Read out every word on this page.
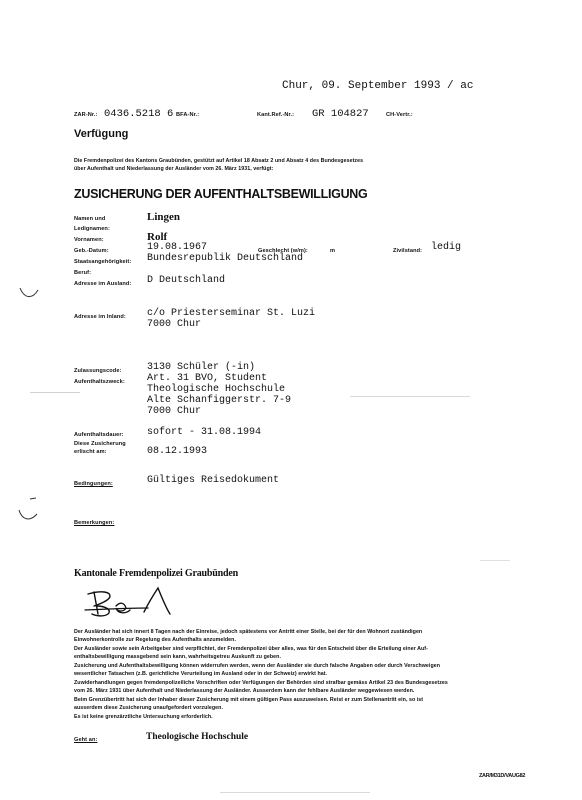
Chur, 09. September 1993 / ac
ZAR-Nr.: 0436.5218 6 BFA-Nr.:	Kant.Ref.-Nr.: GR 104827	CH-Vertr.:
Verfügung
Die Fremdenpolizei des Kantons Graubünden, gestützt auf Artikel 18 Absatz 2 und Absatz 4 des Bundesgesetzes
über Aufenthalt und Niederlassung der Ausländer vom 26. März 1931, verfügt:
ZUSICHERUNG DER AUFENTHALTSBEWILLIGUNG
Namen und	Lingen
Ledignamen:
Vornamen:	Rolf
Geb.-Datum:	19.08.1967	Geschlecht (w/m):	m	Zivilstand: ledig
Staatsangehörigkeit: Bundesrepublik Deutschland
Beruf:
Adresse im Ausland: D Deutschland
Adresse im Inland: c/o Priesterseminar St. Luzi
7000 Chur
Zulassungscode:	3130 Schüler (-in)
Aufenthaltszweck: Art. 31 BVO, Student
Theologische Hochschule
Alte Schanfiggerstr. 7-9
7000 Chur
Aufenthaltsdauer: sofort - 31.08.1994
Diese Zusicherung
erlischt am:	08.12.1993
Bedingungen:	Gültiges Reisedokument
Bemerkungen:
Kantonale Fremdenpolizei Graubünden
Der Ausländer hat sich innert 8 Tagen nach der Einreise, jedoch spätestens vor Antritt einer Stelle, bei der für den Wohnort zuständigen
Einwohnerkontrolle zur Regelung des Aufenthalts anzumelden.
Der Ausländer sowie sein Arbeitgeber sind verpflichtet, der Fremdenpolizei über alles, was für den Entscheid über die Erteilung einer Auf-
enthaltsbewilligung massgebend sein kann, wahrheitsgetreu Auskunft zu geben.
Zusicherung und Aufenthaltsbewilligung können widerrufen werden, wenn der Ausländer sie durch falsche Angaben oder durch Verschweigen
wesentlicher Tatsachen (z.B. gerichtliche Verurteilung im Ausland oder in der Schweiz) erwirkt hat.
Zuwiderhandlungen gegen fremdenpolizeiliche Vorschriften oder Verfügungen der Behörden sind strafbar gemäss Artikel 23 des Bundesgesetzes
vom 26. März 1931 über Aufenthalt und Niederlassung der Ausländer. Ausserdem kann der fehlbare Ausländer weggewiesen werden.
Beim Grenzübertritt hat sich der Inhaber dieser Zusicherung mit einem gültigen Pass auszuweisen. Reist er zum Stellenantritt ein, so ist
ausserdem diese Zusicherung unaufgefordert vorzulegen.
Es ist keine grenzärztliche Untersuchung erforderlich.
Geht an:	Theologische Hochschule
ZAR/M31D/VAUG82
